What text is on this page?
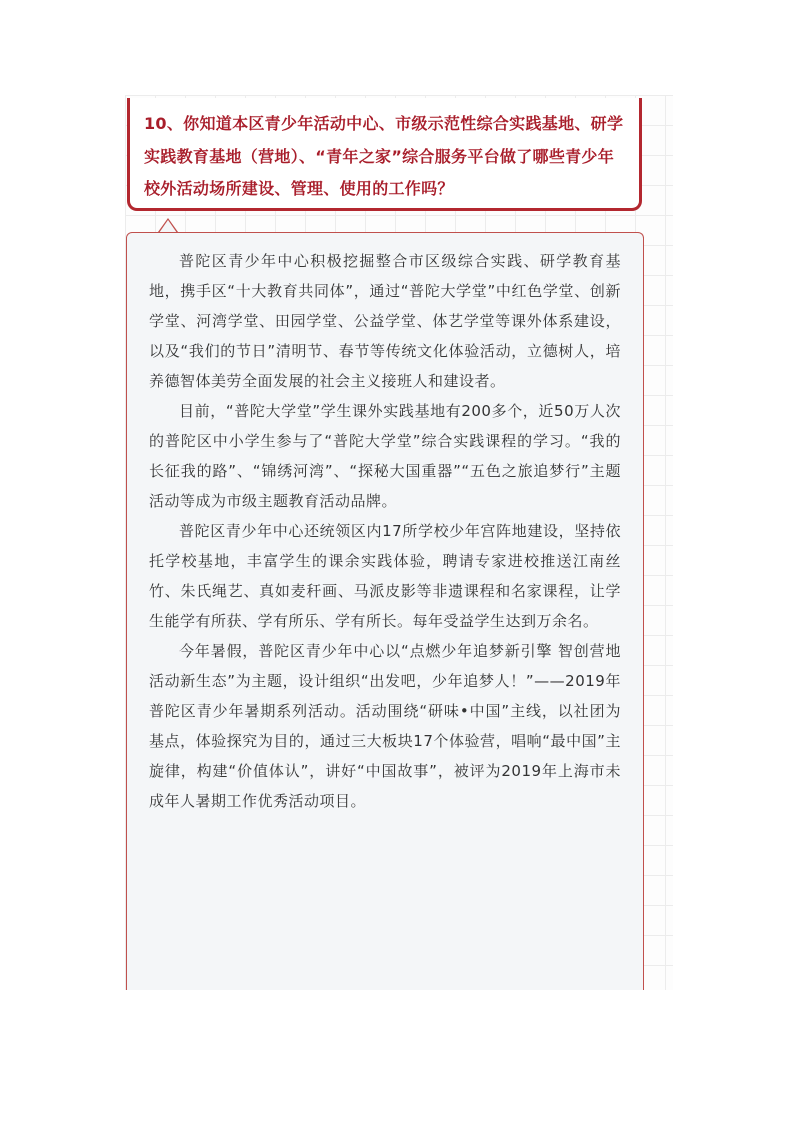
10、你知道本区青少年活动中心、市级示范性综合实践基地、研学实践教育基地（营地）、“青年之家”综合服务平台做了哪些青少年校外活动场所建设、管理、使用的工作吗？

普陀区青少年中心积极挖掘整合市区级综合实践、研学教育基地，携手区“十大教育共同体”，通过“普陀大学堂”中红色学堂、创新学堂、河湾学堂、田园学堂、公益学堂、体艺学堂等课外体系建设，以及“我们的节日”清明节、春节等传统文化体验活动，立德树人，培养德智体美劳全面发展的社会主义接班人和建设者。

目前，“普陀大学堂”学生课外实践基地有200多个，近50万人次的普陀区中小学生参与了“普陀大学堂”综合实践课程的学习。“我的长征我的路”、“锦绣河湾”、“探秘大国重器”“五色之旅追梦行”主题活动等成为市级主题教育活动品牌。

普陀区青少年中心还统领区内17所学校少年宫阵地建设，坚持依托学校基地，丰富学生的课余实践体验，聘请专家进校推送江南丝竹、朱氏绳艺、真如麦秆画、马派皮影等非遗课程和名家课程，让学生能学有所获、学有所乐、学有所长。每年受益学生达到万余名。

今年暑假，普陀区青少年中心以“点燃少年追梦新引擎 智创营地活动新生态”为主题，设计组织“出发吧，少年追梦人！”——2019年普陀区青少年暑期系列活动。活动围绕“研味•中国”主线，以社团为基点，体验探究为目的，通过三大板块17个体验营，唱响“最中国”主旋律，构建“价值体认”，讲好“中国故事”，被评为2019年上海市未成年人暑期工作优秀活动项目。
